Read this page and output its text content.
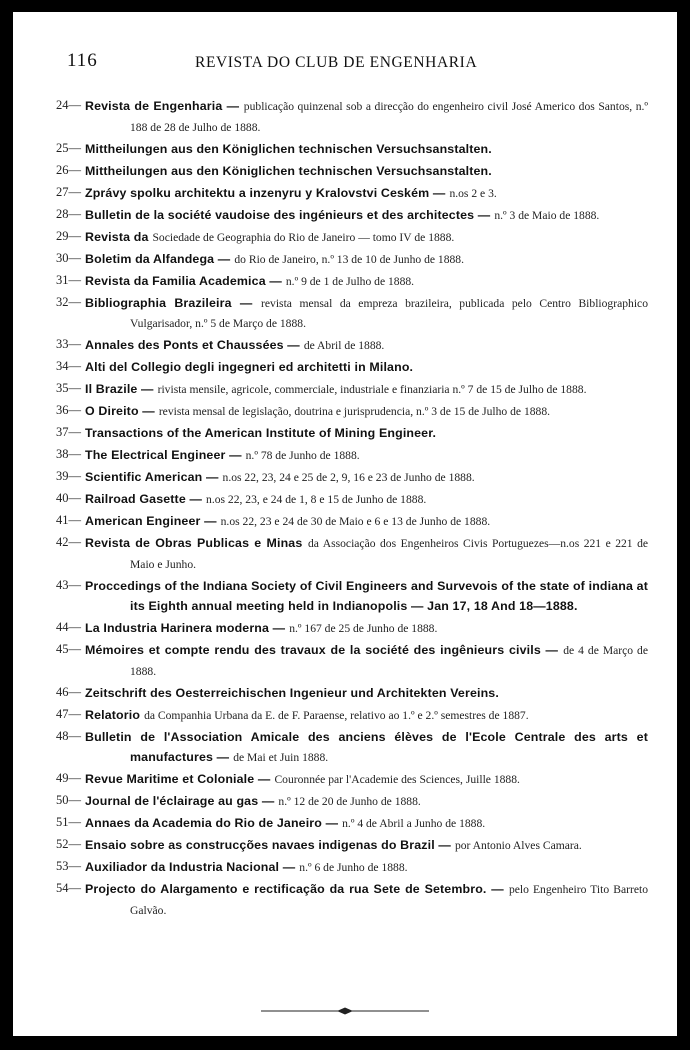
116	REVISTA DO CLUB DE ENGENHARIA
24— Revista de Engenharia — publicação quinzenal sob a direcção do engenheiro civil José Americo dos Santos, n.º 188 de 28 de Julho de 1888.
25— Mittheilungen aus den Königlichen technischen Versuchsanstalten.
26— Mittheilungen aus den Königlichen technischen Versuchsanstalten.
27— Zprávy spolku architektu a inzenyru y Kralovstvi Ceském — n.os 2 e 3.
28— Bulletin de la société vaudoise des ingénieurs et des architectes — n.º 3 de Maio de 1888.
29— Revista da Sociedade de Geographia do Rio de Janeiro — tomo IV de 1888.
30— Boletim da Alfandega — do Rio de Janeiro, n.º 13 de 10 de Junho de 1888.
31— Revista da Familia Academica — n.º 9 de 1 de Julho de 1888.
32— Bibliographia Brazileira — revista mensal da empreza brazileira, publicada pelo Centro Bibliographico Vulgarisador, n.º 5 de Março de 1888.
33— Annales des Ponts et Chaussées — de Abril de 1888.
34— Alti del Collegio degli ingegneri ed architetti in Milano.
35— Il Brazile — rivista mensile, agricole, commerciale, industriale e finanziaria n.º 7 de 15 de Julho de 1888.
36— O Direito — revista mensal de legislação, doutrina e jurisprudencia, n.º 3 de 15 de Julho de 1888.
37— Transactions of the American Institute of Mining Engineer.
38— The Electrical Engineer — n.º 78 de Junho de 1888.
39— Scientific American — n.os 22, 23, 24 e 25 de 2, 9, 16 e 23 de Junho de 1888.
40— Railroad Gasette — n.os 22, 23, e 24 de 1, 8 e 15 de Junho de 1888.
41— American Engineer — n.os 22, 23 e 24 de 30 de Maio e 6 e 13 de Junho de 1888.
42— Revista de Obras Publicas e Minas da Associação dos Engenheiros Civis Portuguezes—n.os 221 e 221 de Maio e Junho.
43— Proccedings of the Indiana Society of Civil Engineers and Survevois of the state of indiana at its Eighth annual meeting held in Indianopolis — Jan 17, 18 And 18—1888.
44— La Industria Harinera moderna — n.º 167 de 25 de Junho de 1888.
45— Mémoires et compte rendu des travaux de la société des ingênieurs civils — de 4 de Março de 1888.
46— Zeitschrift des Oesterreichischen Ingenieur und Architekten Vereins.
47— Relatorio da Companhia Urbana da E. de F. Paraense, relativo ao 1.º e 2.º semestres de 1887.
48— Bulletin de l'Association Amicale des anciens élèves de l'Ecole Centrale des arts et manufactures — de Mai et Juin 1888.
49— Revue Maritime et Coloniale — Couronnée par l'Academie des Sciences, Juille 1888.
50— Journal de l'éclairage au gas — n.º 12 de 20 de Junho de 1888.
51— Annaes da Academia do Rio de Janeiro — n.º 4 de Abril a Junho de 1888.
52— Ensaio sobre as construcções navaes indigenas do Brazil — por Antonio Alves Camara.
53— Auxiliador da Industria Nacional — n.º 6 de Junho de 1888.
54— Projecto do Alargamento e rectificação da rua Sete de Setembro. — pelo Engenheiro Tito Barreto Galvão.
